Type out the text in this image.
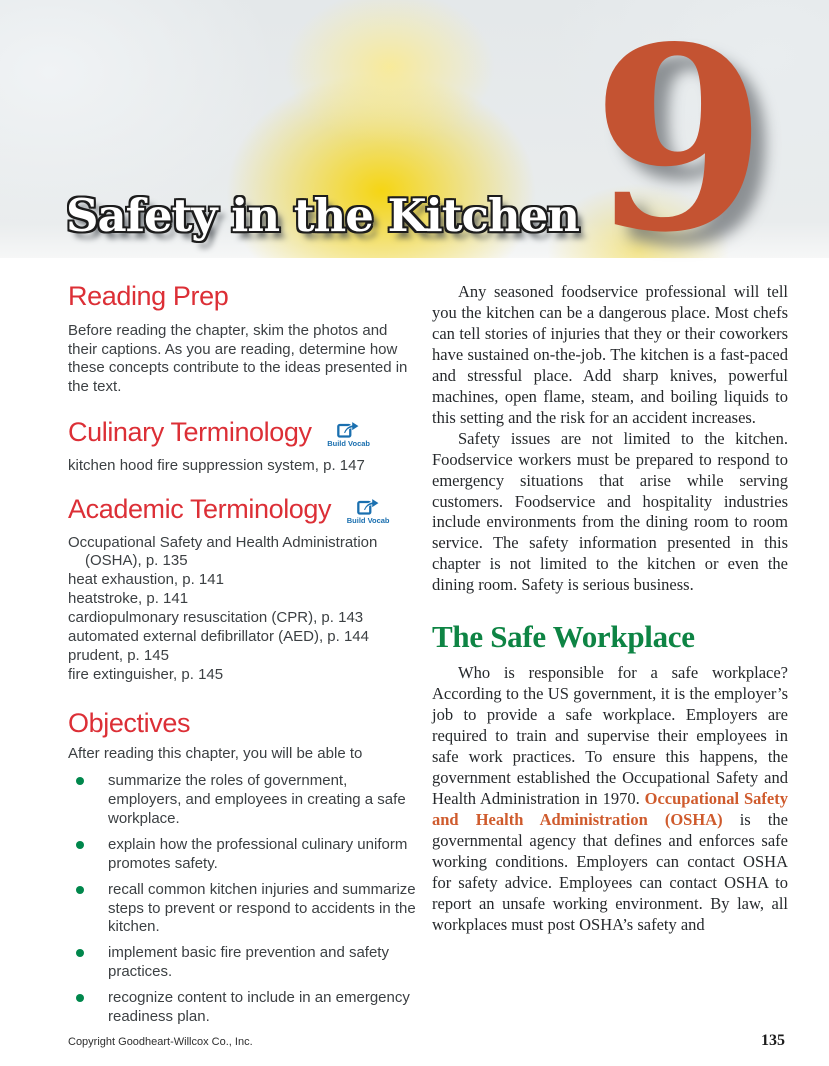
Safety in the Kitchen 9
Reading Prep

Before reading the chapter, skim the photos and their captions. As you are reading, determine how these concepts contribute to the ideas presented in the text.

Culinary Terminology	Build Vocab
kitchen hood fire suppression system, p. 147
Academic Terminology	Build Vocab
Occupational Safety and Health Administration (OSHA), p. 135
heat exhaustion, p. 141
heatstroke, p. 141
cardiopulmonary resuscitation (CPR), p. 143
automated external defibrillator (AED), p. 144
prudent, p. 145
fire extinguisher, p. 145
Objectives

After reading this chapter, you will be able to

summarize the roles of government, employers, and employees in creating a safe workplace.
explain how the professional culinary uniform promotes safety.
recall common kitchen injuries and summarize steps to prevent or respond to accidents in the kitchen.
implement basic fire prevention and safety practices.
recognize content to include in an emergency readiness plan.

Any seasoned foodservice professional will tell you the kitchen can be a dangerous place. Most chefs can tell stories of injuries that they or their coworkers have sustained on-the-job. The kitchen is a fast-paced and stressful place. Add sharp knives, powerful machines, open flame, steam, and boiling liquids to this setting and the risk for an accident increases.

Safety issues are not limited to the kitchen. Foodservice workers must be prepared to respond to emergency situations that arise while serving customers. Foodservice and hospitality industries include environments from the dining room to room service. The safety information presented in this chapter is not limited to the kitchen or even the dining room. Safety is serious business.

The Safe Workplace

Who is responsible for a safe workplace? According to the US government, it is the employer’s job to provide a safe workplace. Employers are required to train and supervise their employees in safe work practices. To ensure this happens, the government established the Occupational Safety and Health Administration in 1970. Occupational Safety and Health Administration (OSHA) is the governmental agency that defines and enforces safe working conditions. Employers can contact OSHA for safety advice. Employees can contact OSHA to report an unsafe working environment. By law, all workplaces must post OSHA’s safety and

Copyright Goodheart-Willcox Co., Inc.	135
